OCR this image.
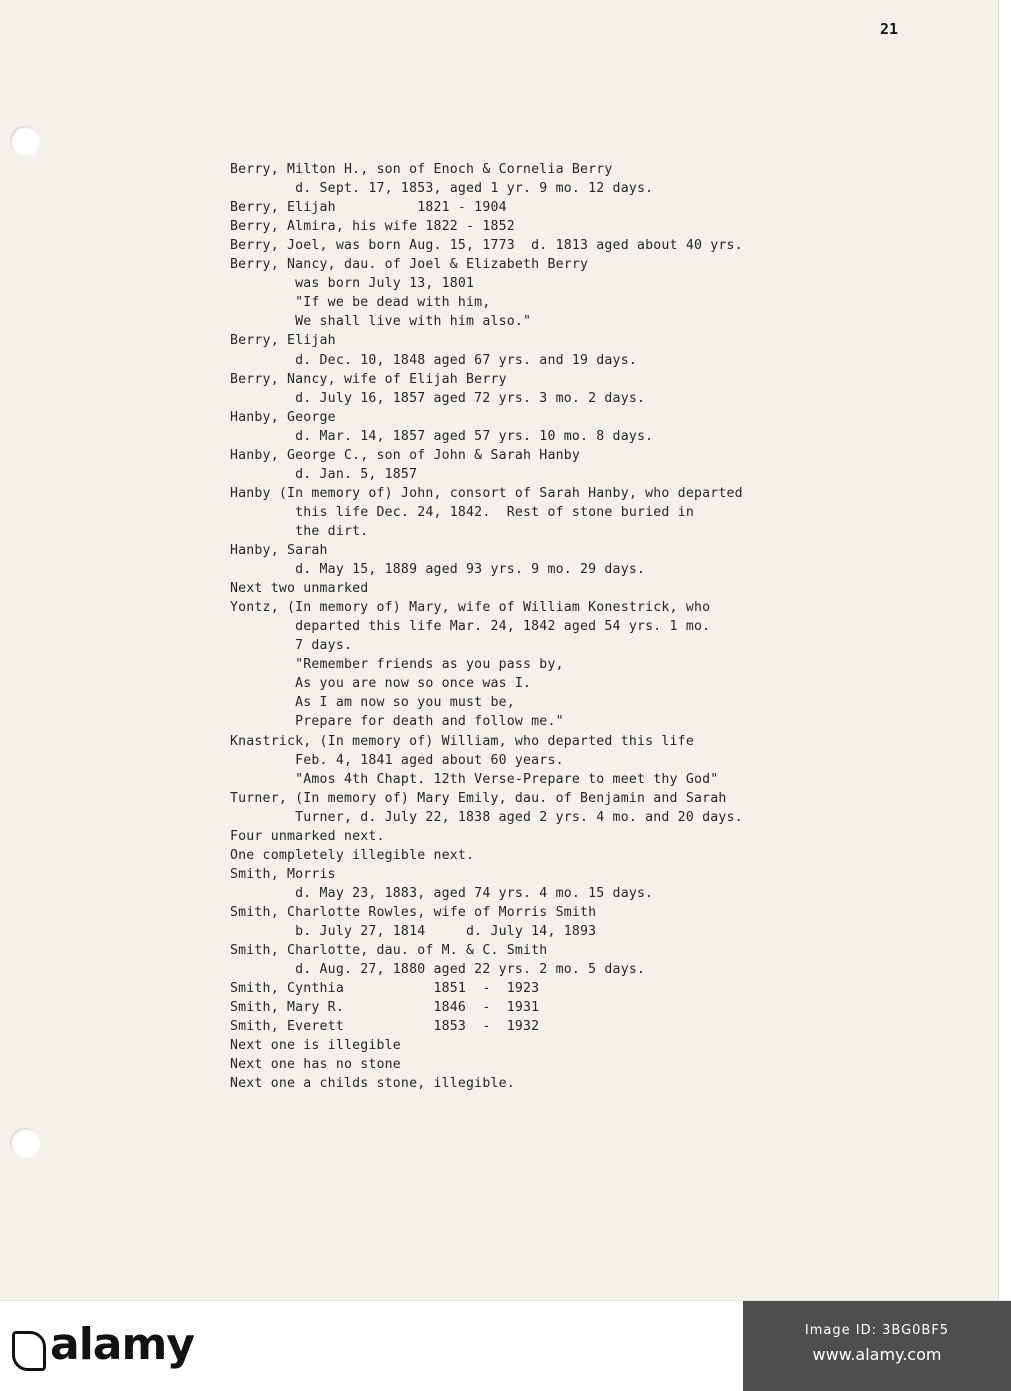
21
Berry, Milton H., son of Enoch & Cornelia Berry
d. Sept. 17, 1853, aged 1 yr. 9 mo. 12 days.
Berry, Elijah          1821 - 1904
Berry, Almira, his wife 1822 - 1852
Berry, Joel, was born Aug. 15, 1773  d. 1813 aged about 40 yrs.
Berry, Nancy, dau. of Joel & Elizabeth Berry
was born July 13, 1801
"If we be dead with him,
We shall live with him also."
Berry, Elijah
d. Dec. 10, 1848 aged 67 yrs. and 19 days.
Berry, Nancy, wife of Elijah Berry
d. July 16, 1857 aged 72 yrs. 3 mo. 2 days.
Hanby, George
d. Mar. 14, 1857 aged 57 yrs. 10 mo. 8 days.
Hanby, George C., son of John & Sarah Hanby
d. Jan. 5, 1857
Hanby (In memory of) John, consort of Sarah Hanby, who departed
this life Dec. 24, 1842.  Rest of stone buried in
the dirt.
Hanby, Sarah
d. May 15, 1889 aged 93 yrs. 9 mo. 29 days.
Next two unmarked
Yontz, (In memory of) Mary, wife of William Konestrick, who
departed this life Mar. 24, 1842 aged 54 yrs. 1 mo.
7 days.
"Remember friends as you pass by,
As you are now so once was I.
As I am now so you must be,
Prepare for death and follow me."
Knastrick, (In memory of) William, who departed this life
Feb. 4, 1841 aged about 60 years.
"Amos 4th Chapt. 12th Verse-Prepare to meet thy God"
Turner, (In memory of) Mary Emily, dau. of Benjamin and Sarah
Turner, d. July 22, 1838 aged 2 yrs. 4 mo. and 20 days.
Four unmarked next.
One completely illegible next.
Smith, Morris
d. May 23, 1883, aged 74 yrs. 4 mo. 15 days.
Smith, Charlotte Rowles, wife of Morris Smith
b. July 27, 1814     d. July 14, 1893
Smith, Charlotte, dau. of M. & C. Smith
d. Aug. 27, 1880 aged 22 yrs. 2 mo. 5 days.
Smith, Cynthia           1851  -  1923
Smith, Mary R.           1846  -  1931
Smith, Everett           1853  -  1932
Next one is illegible
Next one has no stone
Next one a childs stone, illegible.
alamy	Image ID: 3BG0BF5
www.alamy.com
